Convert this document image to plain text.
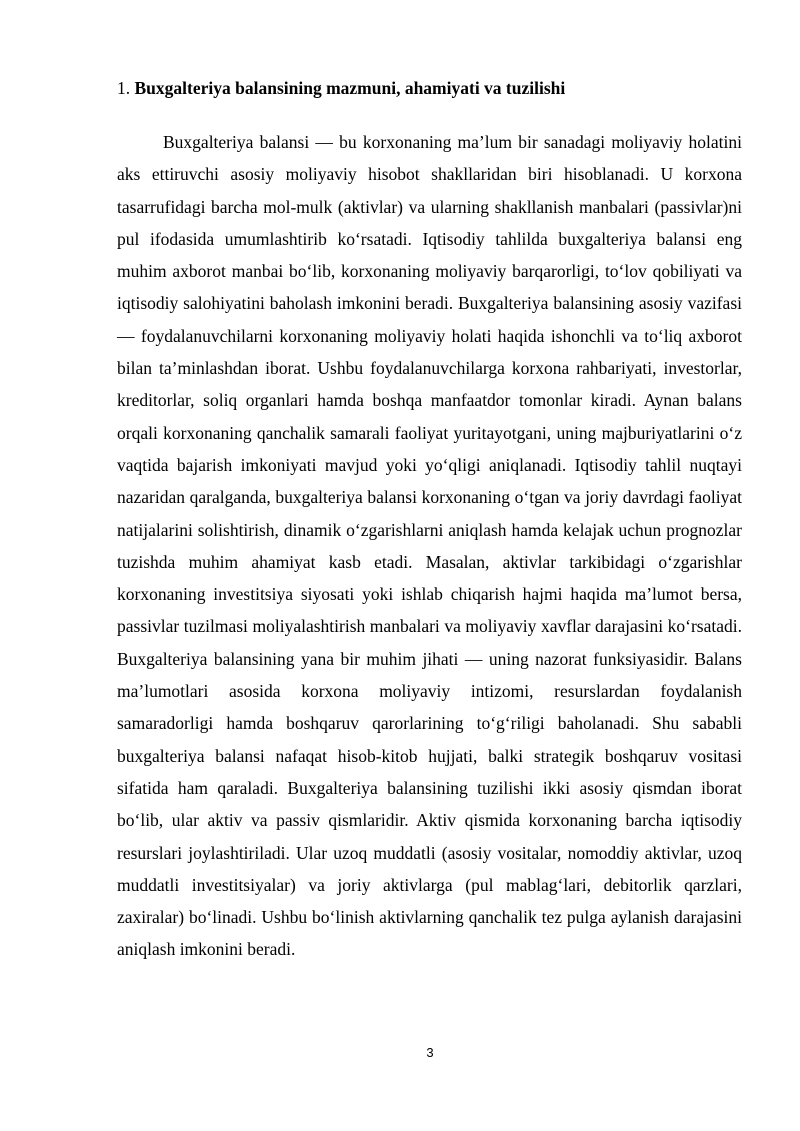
1. Buxgalteriya balansining mazmuni, ahamiyati va tuzilishi

Buxgalteriya balansi — bu korxonaning ma’lum bir sanadagi moliyaviy holatini aks ettiruvchi asosiy moliyaviy hisobot shakllaridan biri hisoblanadi. U korxona tasarrufidagi barcha mol-mulk (aktivlar) va ularning shakllanish manbalari (passivlar)ni pul ifodasida umumlashtirib ko‘rsatadi. Iqtisodiy tahlilda buxgalteriya balansi eng muhim axborot manbai bo‘lib, korxonaning moliyaviy barqarorligi, to‘lov qobiliyati va iqtisodiy salohiyatini baholash imkonini beradi. Buxgalteriya balansining asosiy vazifasi — foydalanuvchilarni korxonaning moliyaviy holati haqida ishonchli va to‘liq axborot bilan ta’minlashdan iborat. Ushbu foydalanuvchilarga korxona rahbariyati, investorlar, kreditorlar, soliq organlari hamda boshqa manfaatdor tomonlar kiradi. Aynan balans orqali korxonaning qanchalik samarali faoliyat yuritayotgani, uning majburiyatlarini o‘z vaqtida bajarish imkoniyati mavjud yoki yo‘qligi aniqlanadi. Iqtisodiy tahlil nuqtayi nazaridan qaralganda, buxgalteriya balansi korxonaning o‘tgan va joriy davrdagi faoliyat natijalarini solishtirish, dinamik o‘zgarishlarni aniqlash hamda kelajak uchun prognozlar tuzishda muhim ahamiyat kasb etadi. Masalan, aktivlar tarkibidagi o‘zgarishlar korxonaning investitsiya siyosati yoki ishlab chiqarish hajmi haqida ma’lumot bersa, passivlar tuzilmasi moliyalashtirish manbalari va moliyaviy xavflar darajasini ko‘rsatadi. Buxgalteriya balansining yana bir muhim jihati — uning nazorat funksiyasidir. Balans ma’lumotlari asosida korxona moliyaviy intizomi, resurslardan foydalanish samaradorligi hamda boshqaruv qarorlarining to‘g‘riligi baholanadi. Shu sababli buxgalteriya balansi nafaqat hisob-kitob hujjati, balki strategik boshqaruv vositasi sifatida ham qaraladi. Buxgalteriya balansining tuzilishi ikki asosiy qismdan iborat bo‘lib, ular aktiv va passiv qismlaridir. Aktiv qismida korxonaning barcha iqtisodiy resurslari joylashtiriladi. Ular uzoq muddatli (asosiy vositalar, nomoddiy aktivlar, uzoq muddatli investitsiyalar) va joriy aktivlarga (pul mablag‘lari, debitorlik qarzlari, zaxiralar) bo‘linadi. Ushbu bo‘linish aktivlarning qanchalik tez pulga aylanish darajasini aniqlash imkonini beradi.

3
